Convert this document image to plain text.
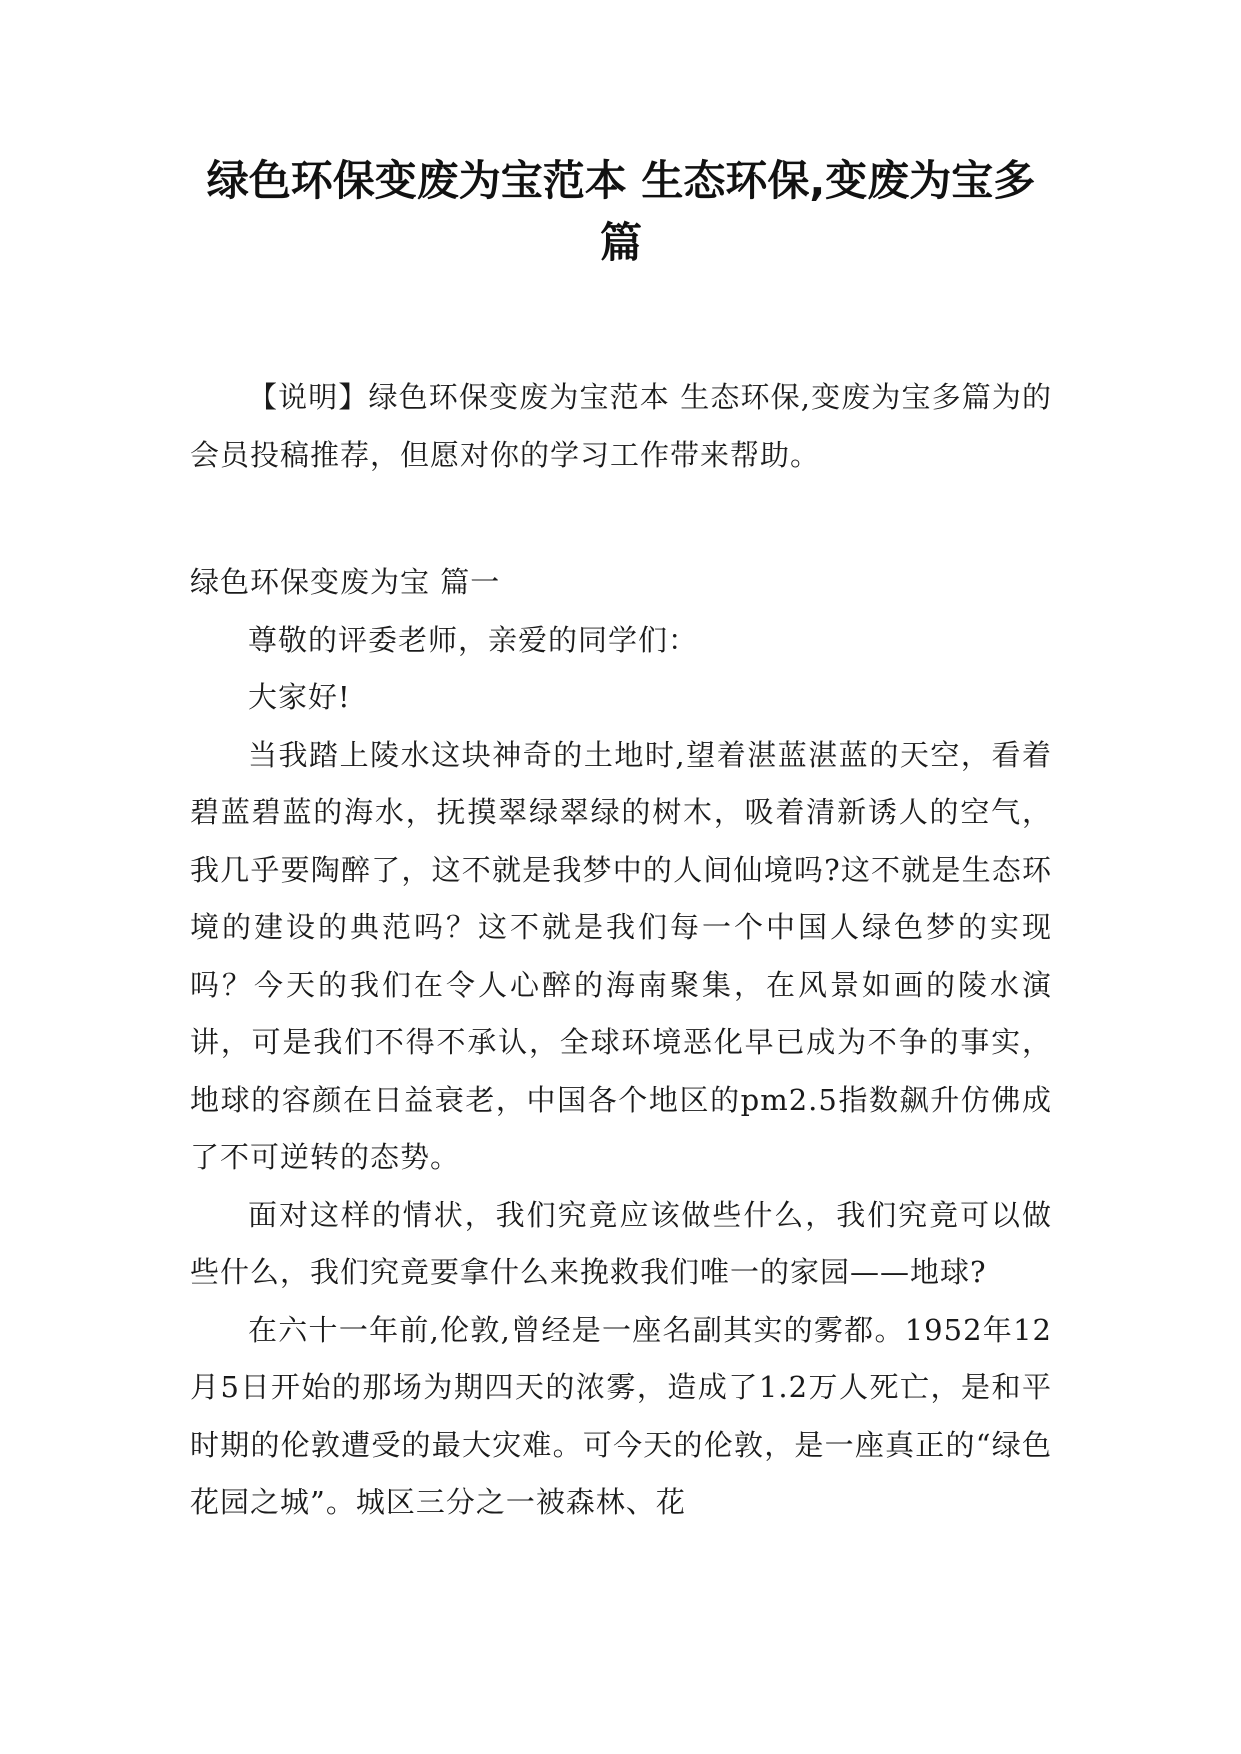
绿色环保变废为宝范本 生态环保,变废为宝多篇

【说明】绿色环保变废为宝范本 生态环保,变废为宝多篇为的会员投稿推荐，但愿对你的学习工作带来帮助。

绿色环保变废为宝 篇一

尊敬的评委老师，亲爱的同学们：

大家好!

当我踏上陵水这块神奇的土地时,望着湛蓝湛蓝的天空，看着碧蓝碧蓝的海水，抚摸翠绿翠绿的树木，吸着清新诱人的空气，我几乎要陶醉了，这不就是我梦中的人间仙境吗?这不就是生态环境的建设的典范吗？这不就是我们每一个中国人绿色梦的实现吗？今天的我们在令人心醉的海南聚集，在风景如画的陵水演讲，可是我们不得不承认，全球环境恶化早已成为不争的事实，地球的容颜在日益衰老，中国各个地区的pm2.5指数飙升仿佛成了不可逆转的态势。

面对这样的情状，我们究竟应该做些什么，我们究竟可以做些什么，我们究竟要拿什么来挽救我们唯一的家园——地球?

在六十一年前,伦敦,曾经是一座名副其实的雾都。1952年12月5日开始的那场为期四天的浓雾，造成了1.2万人死亡，是和平时期的伦敦遭受的最大灾难。可今天的伦敦，是一座真正的“绿色花园之城”。城区三分之一被森林、花
